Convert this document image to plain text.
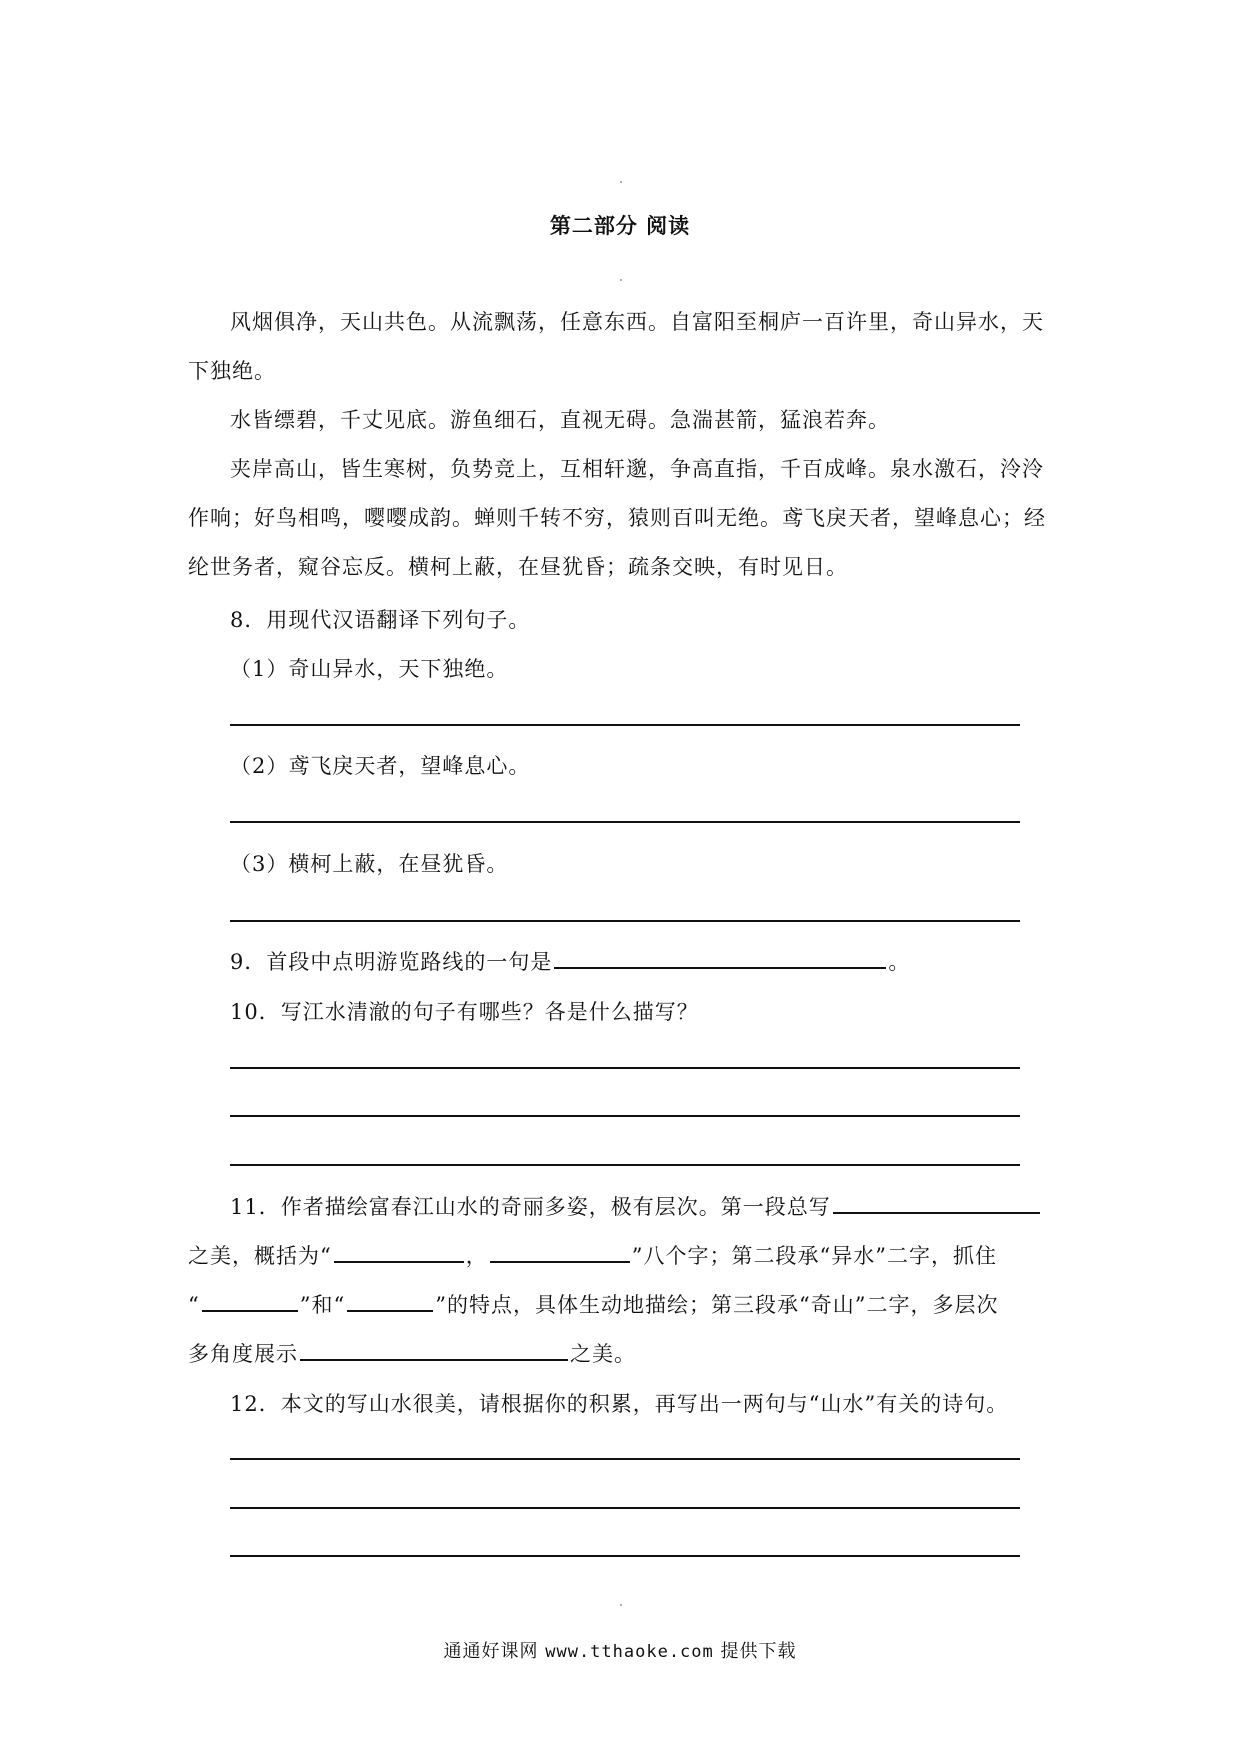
第二部分 阅读

风烟俱净，天山共色。从流飘荡，任意东西。自富阳至桐庐一百许里，奇山异水，天下独绝。

水皆缥碧，千丈见底。游鱼细石，直视无碍。急湍甚箭，猛浪若奔。

夹岸高山，皆生寒树，负势竞上，互相轩邈，争高直指，千百成峰。泉水激石，泠泠作响；好鸟相鸣，嘤嘤成韵。蝉则千转不穷，猿则百叫无绝。鸢飞戾天者，望峰息心；经纶世务者，窥谷忘反。横柯上蔽，在昼犹昏；疏条交映，有时见日。

8．用现代汉语翻译下列句子。
（1）奇山异水，天下独绝。
（2）鸢飞戾天者，望峰息心。
（3）横柯上蔽，在昼犹昏。
9．首段中点明游览路线的一句是	。
10．写江水清澈的句子有哪些？各是什么描写？
11．作者描绘富春江山水的奇丽多姿，极有层次。第一段总写
之美，概括为“	，	”八个字；第二段承“异水”二字，抓住
“	”和“	”的特点，具体生动地描绘；第三段承“奇山”二字，多层次
多角度展示	之美。
12．本文的写山水很美，请根据你的积累，再写出一两句与“山水”有关的诗句。
通通好课网 www.tthaoke.com 提供下载
